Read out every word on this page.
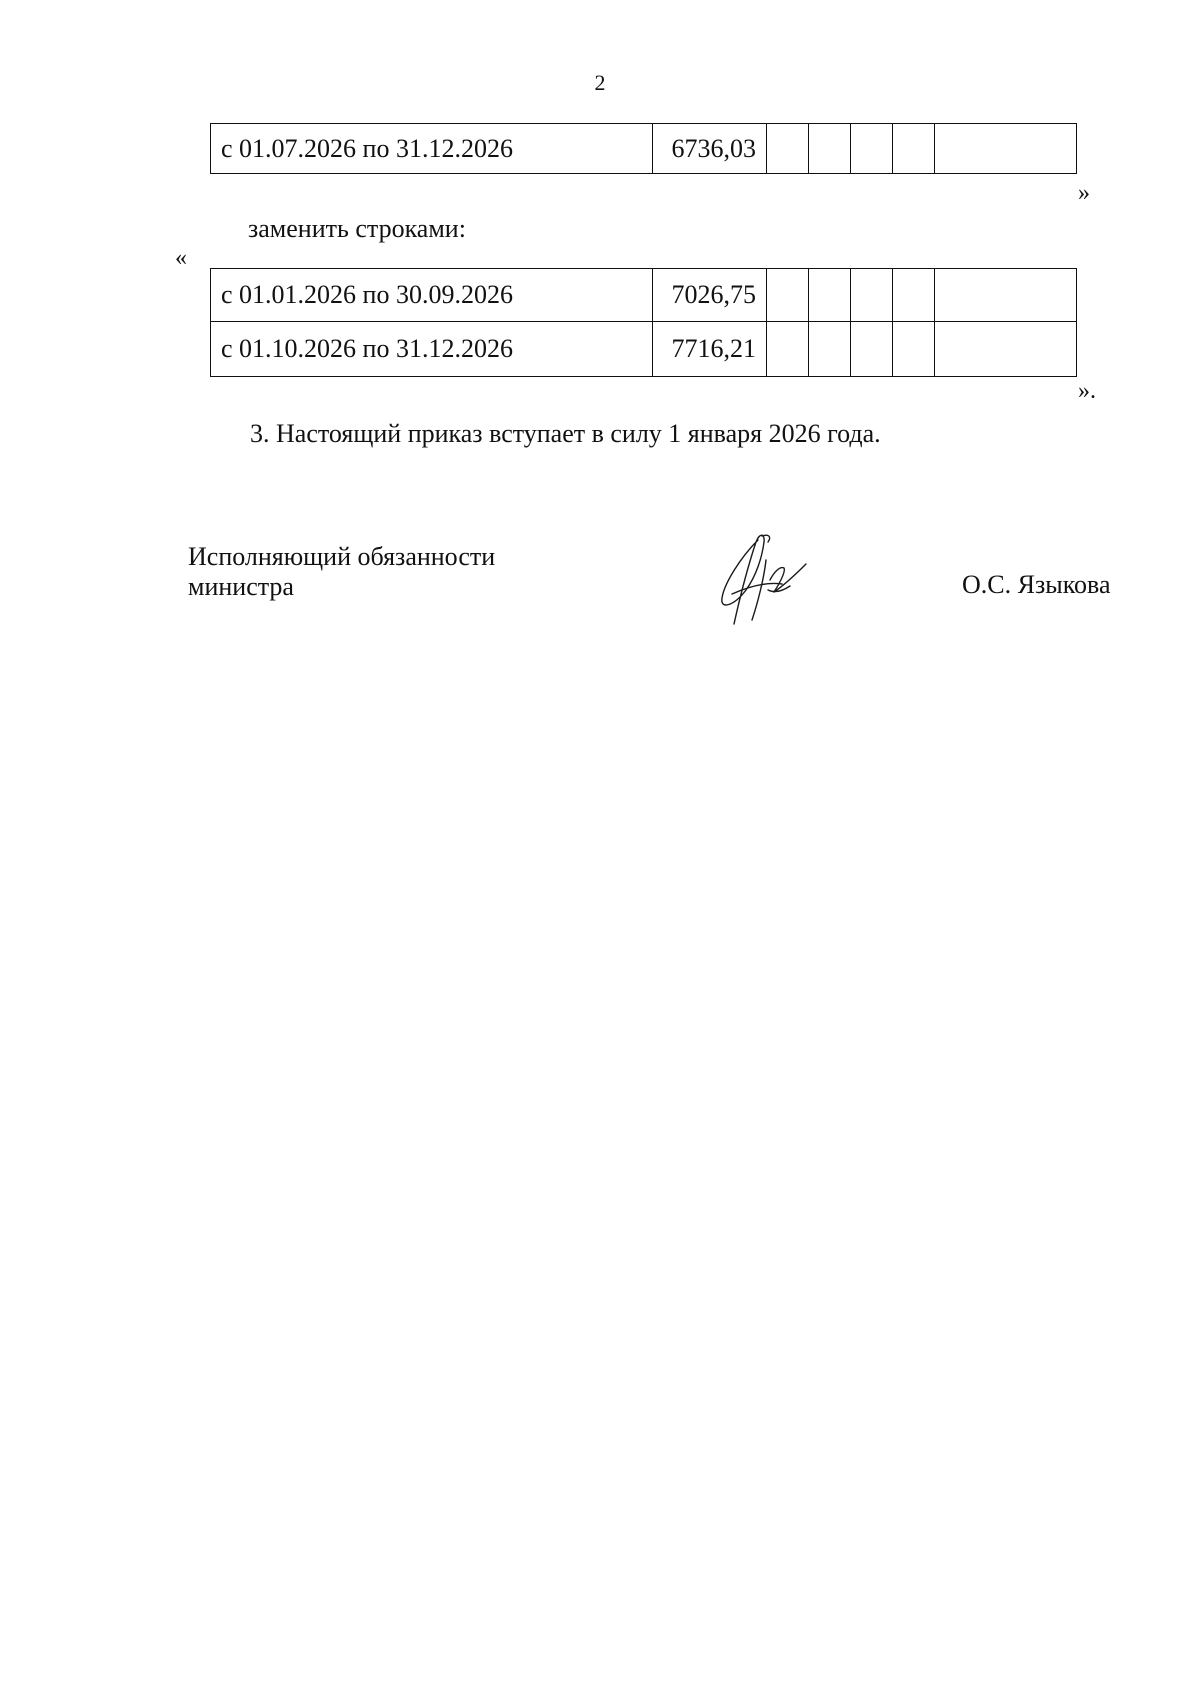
2
с 01.07.2026 по 31.12.2026	6736,03					
»
заменить строками:
«
с 01.01.2026 по 30.09.2026	7026,75					
с 01.10.2026 по 31.12.2026	7716,21					
».
3. Настоящий приказ вступает в силу 1 января 2026 года.
Исполняющий обязанности
министра	О.С. Языкова
